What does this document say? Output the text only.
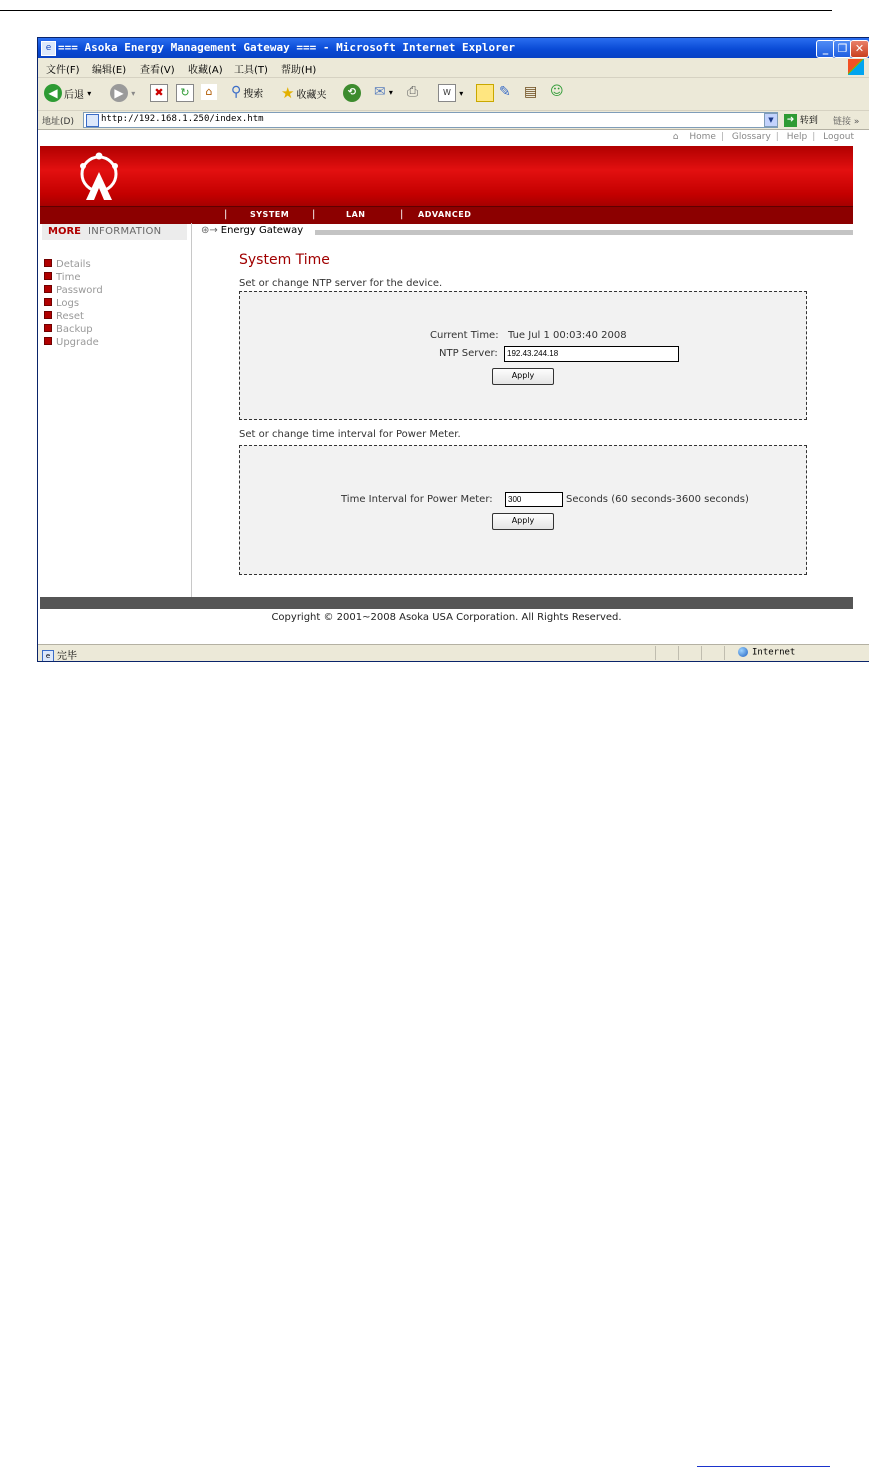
e === Asoka Energy Management Gateway === - Microsoft Internet Explorer	_ ❐ ✕
文件(F) 编辑(E) 查看(V) 收藏(A) 工具(T) 帮助(H)
◀ 后退 ▾	▶ ▾	✖	↻	⌂	⚲ 搜索 ★ 收藏夹	⟲	✉ ▾ ⎙	W ▾	✎ ▤ ☺
地址(D)	http://192.168.1.250/index.htm	▼	➜ 转到 链接 »
⌂ Home | Glossary | Help | Logout
|	SYSTEM |	LAN	| ADVANCED
MORE INFORMATION
Details
Time
Password
Logs
Reset
Backup
Upgrade
⊛→ Energy Gateway
System Time
Set or change NTP server for the device.
Current Time: Tue Jul 1 00:03:40 2008
NTP Server:	192.43.244.18
Apply
Set or change time interval for Power Meter.
Time Interval for Power Meter:	300	Seconds (60 seconds-3600 seconds)
Apply
Copyright © 2001~2008 Asoka USA Corporation. All Rights Reserved.
e 完毕	Internet
